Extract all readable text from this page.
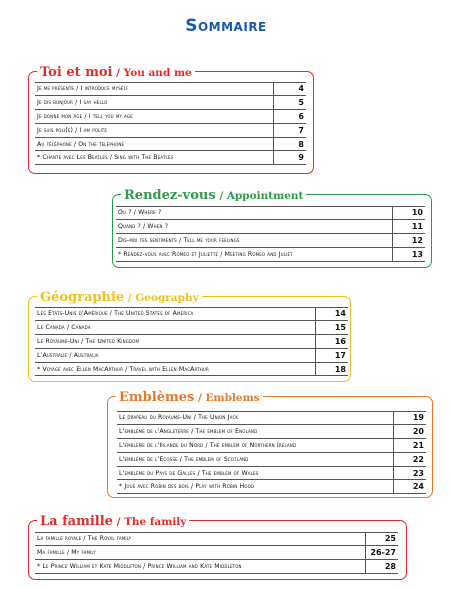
Sommaire
Toi et moi / You and me
Je me présente / I introduce myself	4
Je dis bonjour / I say hello	5
Je donne mon âge / I tell you my age	6
Je suis poli(e) / I am polite	7
Au téléphone / On the telephone	8
* Chante avec Les Beatles / Sing with The Beatles	9
Rendez-vous / Appointment
Où ? / Where ?	10
Quand ? / When ?	11
Dis-moi tes sentiments / Tell me your feelings	12
* Rendez-vous avec Roméo et Juliette / Meeting Romeo and Juliet	13
Géographie / Geography
Les États-Unis d'Amérique / The United States of America	14
Le Canada / Canada	15
Le Royaume-Uni / The United Kingdom	16
L'Australie / Australia	17
* Voyage avec Ellen MacArthur / Travel with Ellen MacArthur	18
Emblèmes / Emblems
Le drapeau du Royaume-Uni / The Union Jack	19
L'emblème de l'Angleterre / The emblem of England	20
L'emblème de l'Irlande du Nord / The emblem of Northern Ireland	21
L'emblème de l'Écosse / The emblem of Scotland	22
L'emblème du Pays de Galles / The emblem of Wales	23
* Joue avec Robin des bois / Play with Robin Hood	24
La famille / The family
La famille royale / The Royal family	25
Ma famille / My family	26-27
* Le Prince William et Kate Middleton / Prince William and Kate Middleton	28
